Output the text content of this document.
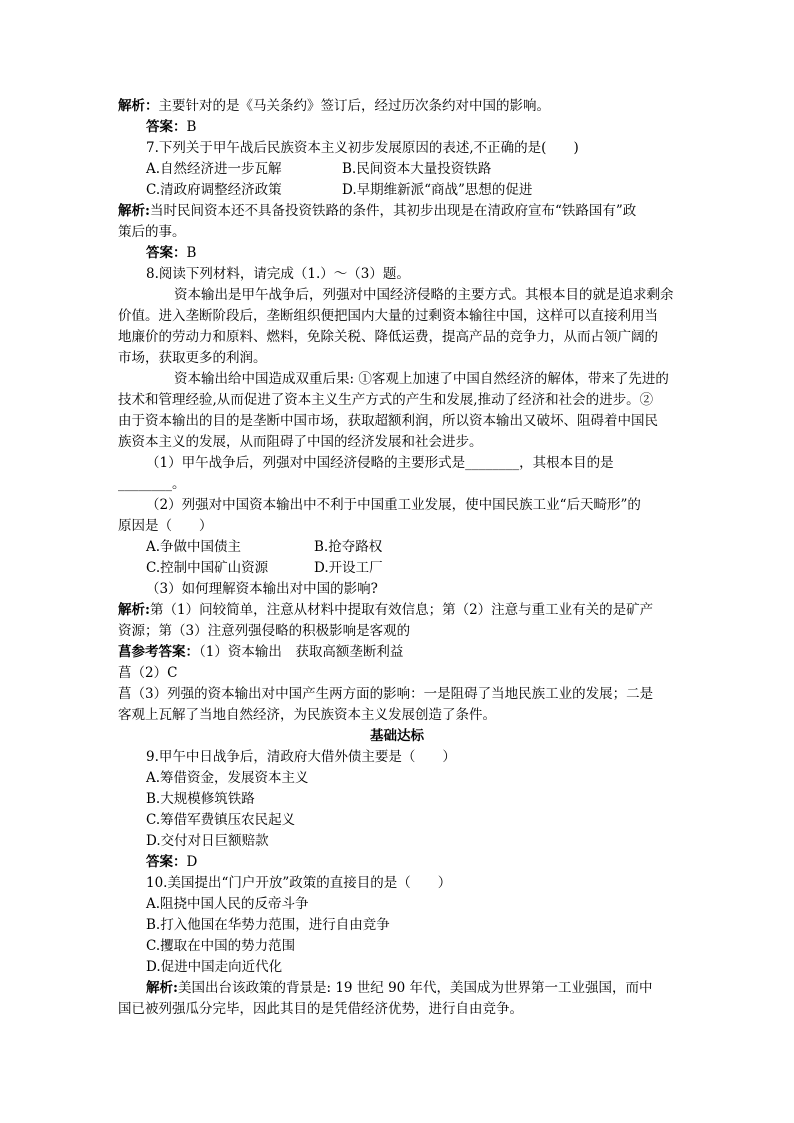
解析：主要针对的是《马关条约》签订后，经过历次条约对中国的影响。
答案：B
7.下列关于甲午战后民族资本主义初步发展原因的表述,不正确的是(　　)
A.自然经济进一步瓦解	B.民间资本大量投资铁路
C.清政府调整经济政策	D.早期维新派“商战”思想的促进
解析:当时民间资本还不具备投资铁路的条件，其初步出现是在清政府宣布“铁路国有”政
策后的事。
答案：B
8.阅读下列材料，请完成（1.）～（3）题。
资本输出是甲午战争后，列强对中国经济侵略的主要方式。其根本目的就是追求剩余
价值。进入垄断阶段后，垄断组织便把国内大量的过剩资本输往中国，这样可以直接利用当
地廉价的劳动力和原料、燃料，免除关税、降低运费，提高产品的竞争力，从而占领广阔的
市场，获取更多的利润。
资本输出给中国造成双重后果: ①客观上加速了中国自然经济的解体，带来了先进的
技术和管理经验,从而促进了资本主义生产方式的产生和发展,推动了经济和社会的进步。②
由于资本输出的目的是垄断中国市场，获取超额利润，所以资本输出又破坏、阻碍着中国民
族资本主义的发展，从而阻碍了中国的经济发展和社会进步。
（1）甲午战争后，列强对中国经济侵略的主要形式是________，其根本目的是
________。
（2）列强对中国资本输出中不利于中国重工业发展，使中国民族工业“后天畸形”的
原因是（　　）
A.争做中国债主	B.抢夺路权
C.控制中国矿山资源	D.开设工厂
（3）如何理解资本输出对中国的影响?
解析:第（1）问较简单，注意从材料中提取有效信息；第（2）注意与重工业有关的是矿产
资源；第（3）注意列强侵略的积极影响是客观的
菖参考答案：（1）资本输出　获取高额垄断利益
菖（2）C
菖（3）列强的资本输出对中国产生两方面的影响：一是阻碍了当地民族工业的发展；二是
客观上瓦解了当地自然经济，为民族资本主义发展创造了条件。
基础达标
9.甲午中日战争后，清政府大借外债主要是（　　）
A.筹借资金，发展资本主义
B.大规模修筑铁路
C.筹借军费镇压农民起义
D.交付对日巨额赔款
答案：D
10.美国提出“门户开放”政策的直接目的是（　　）
A.阻挠中国人民的反帝斗争
B.打入他国在华势力范围，进行自由竞争
C.攫取在中国的势力范围
D.促进中国走向近代化
解析:美国出台该政策的背景是: 19 世纪 90 年代，美国成为世界第一工业强国，而中
国已被列强瓜分完毕，因此其目的是凭借经济优势，进行自由竞争。
